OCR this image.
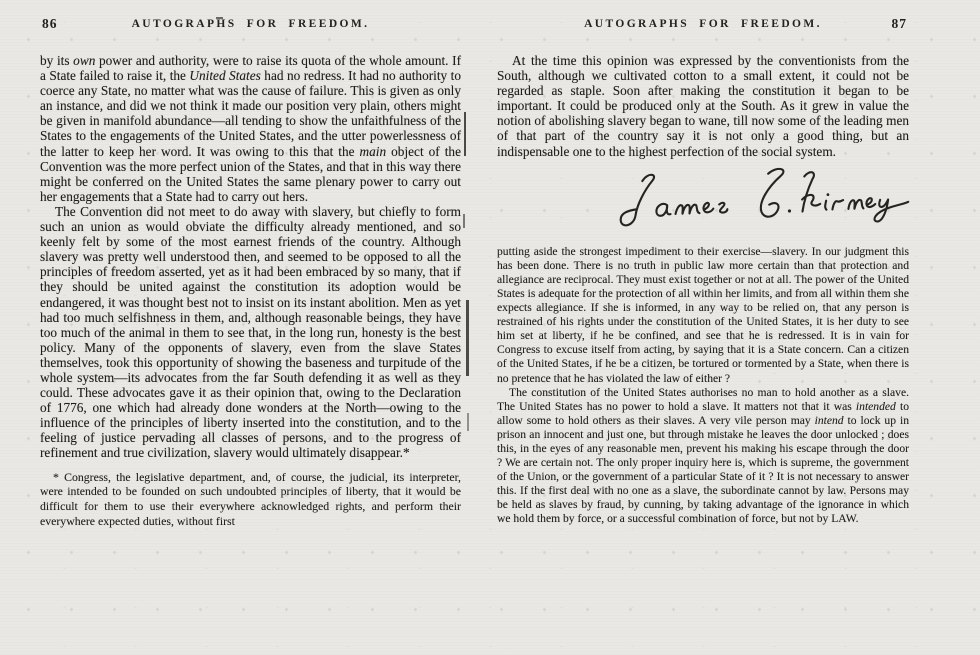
86	AUTOGRAPHS FOR FREEDOM.

by its own power and authority, were to raise its quota of the whole amount. If a State failed to raise it, the United States had no redress. It had no authority to coerce any State, no matter what was the cause of failure. This is given as only an instance, and did we not think it made our position very plain, others might be given in manifold abundance—all tending to show the unfaithfulness of the States to the engagements of the United States, and the utter powerlessness of the latter to keep her word. It was owing to this that the main object of the Convention was the more perfect union of the States, and that in this way there might be conferred on the United States the same plenary power to carry out her engagements that a State had to carry out hers.

The Convention did not meet to do away with slavery, but chiefly to form such an union as would obviate the difficulty already mentioned, and so keenly felt by some of the most earnest friends of the country. Although slavery was pretty well understood then, and seemed to be opposed to all the principles of freedom asserted, yet as it had been embraced by so many, that if they should be united against the constitution its adoption would be endangered, it was thought best not to insist on its instant abolition. Men as yet had too much selfishness in them, and, although reasonable beings, they have too much of the animal in them to see that, in the long run, honesty is the best policy. Many of the opponents of slavery, even from the slave States themselves, took this opportunity of showing the baseness and turpitude of the whole system—its advocates from the far South defending it as well as they could. These advocates gave it as their opinion that, owing to the Declaration of 1776, one which had already done wonders at the North—owing to the influence of the principles of liberty inserted into the constitution, and to the feeling of justice pervading all classes of persons, and to the progress of refinement and true civilization, slavery would ultimately disappear.*

* Congress, the legislative department, and, of course, the judicial, its interpreter, were intended to be founded on such undoubted principles of liberty, that it would be difficult for them to use their everywhere acknowledged rights, and perform their everywhere expected duties, without first

AUTOGRAPHS FOR FREEDOM.	87

At the time this opinion was expressed by the conventionists from the South, although we cultivated cotton to a small extent, it could not be regarded as staple. Soon after making the constitution it began to be important. It could be produced only at the South. As it grew in value the notion of abolishing slavery began to wane, till now some of the leading men of that part of the country say it is not only a good thing, but an indispensable one to the highest perfection of the social system.

putting aside the strongest impediment to their exercise—slavery. In our judgment this has been done. There is no truth in public law more certain than that protection and allegiance are reciprocal. They must exist together or not at all. The power of the United States is adequate for the protection of all within her limits, and from all within them she expects allegiance. If she is informed, in any way to be relied on, that any person is restrained of his rights under the constitution of the United States, it is her duty to see him set at liberty, if he be confined, and see that he is redressed. It is in vain for Congress to excuse itself from acting, by saying that it is a State concern. Can a citizen of the United States, if he be a citizen, be tortured or tormented by a State, when there is no pretence that he has violated the law of either ?

The constitution of the United States authorises no man to hold another as a slave. The United States has no power to hold a slave. It matters not that it was intended to allow some to hold others as their slaves. A very vile person may intend to lock up in prison an innocent and just one, but through mistake he leaves the door unlocked ; does this, in the eyes of any reasonable men, prevent his making his escape through the door ? We are certain not. The only proper inquiry here is, which is supreme, the government of the Union, or the government of a particular State of it ? It is not necessary to answer this. If the first deal with no one as a slave, the subordinate cannot by law. Persons may be held as slaves by fraud, by cunning, by taking advantage of the ignorance in which we hold them by force, or a successful combination of force, but not by LAW.
